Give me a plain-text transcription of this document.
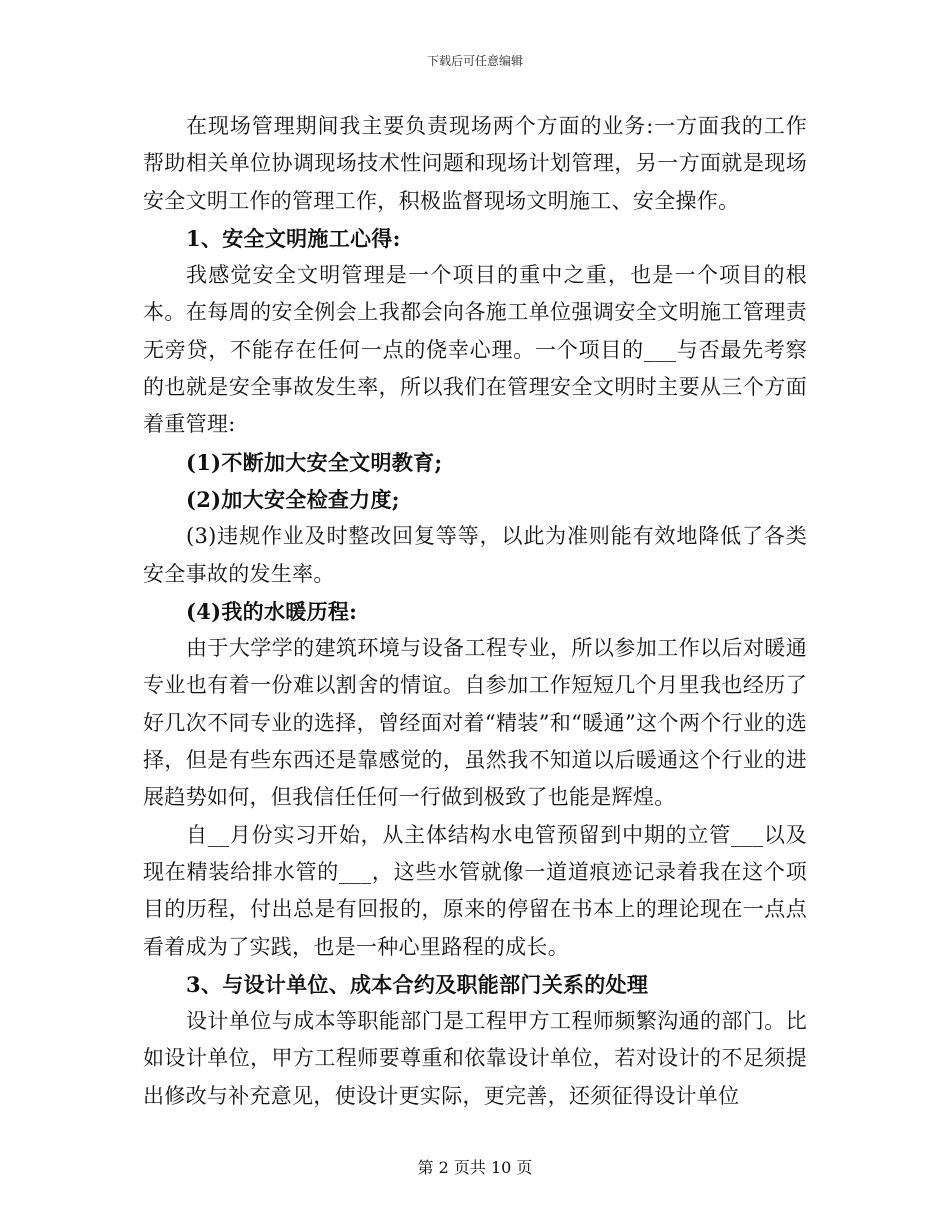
下载后可任意编辑

在现场管理期间我主要负责现场两个方面的业务:一方面我的工作帮助相关单位协调现场技术性问题和现场计划管理，另一方面就是现场安全文明工作的管理工作，积极监督现场文明施工、安全操作。

1、安全文明施工心得:

我感觉安全文明管理是一个项目的重中之重，也是一个项目的根本。在每周的安全例会上我都会向各施工单位强调安全文明施工管理责无旁贷，不能存在任何一点的侥幸心理。一个项目的___与否最先考察的也就是安全事故发生率，所以我们在管理安全文明时主要从三个方面着重管理:

(1)不断加大安全文明教育;

(2)加大安全检查力度;

(3)违规作业及时整改回复等等，以此为准则能有效地降低了各类安全事故的发生率。

(4)我的水暖历程:

由于大学学的建筑环境与设备工程专业，所以参加工作以后对暖通专业也有着一份难以割舍的情谊。自参加工作短短几个月里我也经历了好几次不同专业的选择，曾经面对着“精装”和“暖通”这个两个行业的选择，但是有些东西还是靠感觉的，虽然我不知道以后暖通这个行业的进展趋势如何，但我信任任何一行做到极致了也能是辉煌。

自__月份实习开始，从主体结构水电管预留到中期的立管___以及现在精装给排水管的___，这些水管就像一道道痕迹记录着我在这个项目的历程，付出总是有回报的，原来的停留在书本上的理论现在一点点看着成为了实践，也是一种心里路程的成长。

3、与设计单位、成本合约及职能部门关系的处理

设计单位与成本等职能部门是工程甲方工程师频繁沟通的部门。比如设计单位，甲方工程师要尊重和依靠设计单位，若对设计的不足须提出修改与补充意见，使设计更实际，更完善，还须征得设计单位

第 2 页共 10 页
